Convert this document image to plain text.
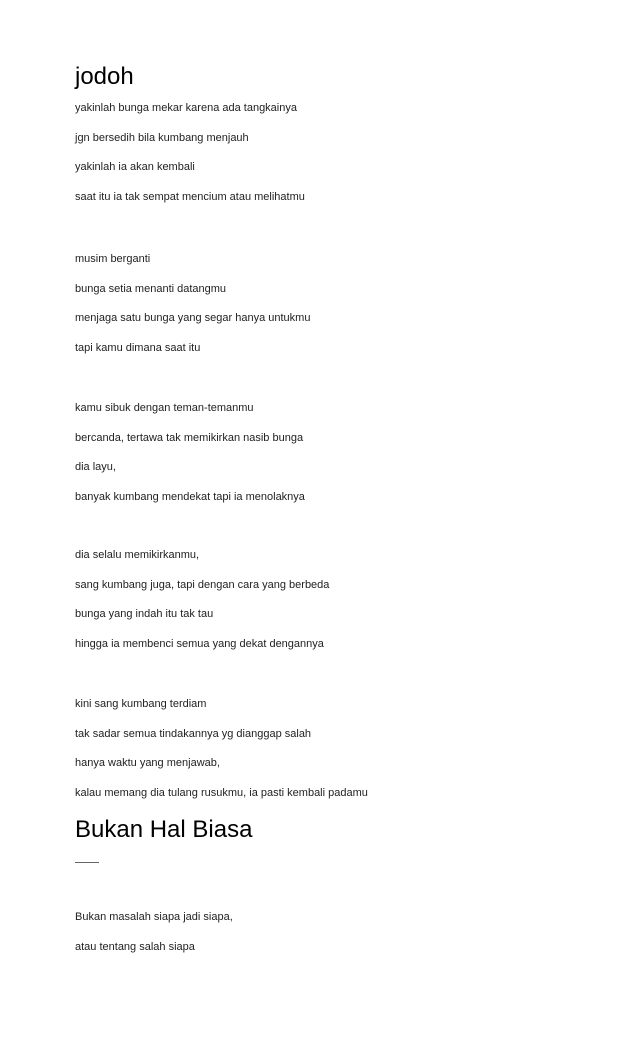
jodoh
yakinlah bunga mekar karena ada tangkainya
jgn bersedih bila kumbang menjauh
yakinlah ia akan kembali
saat itu ia tak sempat mencium atau melihatmu
musim berganti
bunga setia menanti datangmu
menjaga satu bunga yang segar hanya untukmu
tapi kamu dimana saat itu
kamu sibuk dengan teman-temanmu
bercanda, tertawa tak memikirkan nasib bunga
dia layu,
banyak kumbang mendekat tapi ia menolaknya
dia selalu memikirkanmu,
sang kumbang juga, tapi dengan cara yang berbeda
bunga yang indah itu tak tau
hingga ia membenci semua yang dekat dengannya
kini sang kumbang terdiam
tak sadar semua tindakannya yg dianggap salah
hanya waktu yang menjawab,
kalau memang dia tulang rusukmu, ia pasti kembali padamu
Bukan Hal Biasa
Bukan masalah siapa jadi siapa,
atau tentang salah siapa
